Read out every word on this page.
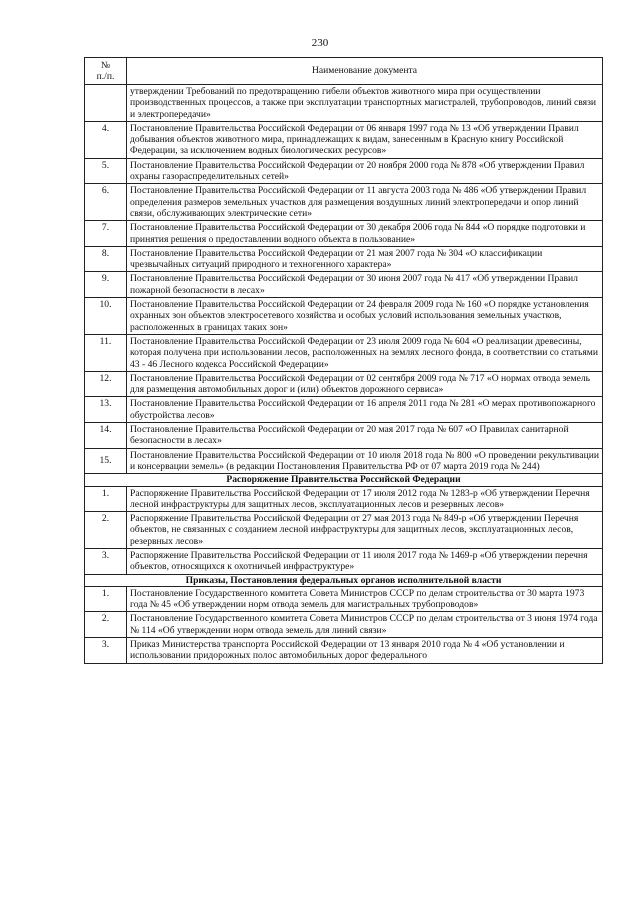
230
№
п./п.	Наименование документа
	утверждении Требований по предотвращению гибели объектов животного мира при осуществлении производственных процессов, а также при эксплуатации транспортных магистралей, трубопроводов, линий связи и электропередачи»
4.	Постановление Правительства Российской Федерации от 06 января 1997 года № 13 «Об утверждении Правил добывания объектов животного мира, принадлежащих к видам, занесенным в Красную книгу Российской Федерации, за исключением водных биологических ресурсов»
5.	Постановление Правительства Российской Федерации от 20 ноября 2000 года № 878 «Об утверждении Правил охраны газораспределительных сетей»
6.	Постановление Правительства Российской Федерации от 11 августа 2003 года № 486 «Об утверждении Правил определения размеров земельных участков для размещения воздушных линий электропередачи и опор линий связи, обслуживающих электрические сети»
7.	Постановление Правительства Российской Федерации от 30 декабря 2006 года № 844 «О порядке подготовки и принятия решения о предоставлении водного объекта в пользование»
8.	Постановление Правительства Российской Федерации от 21 мая 2007 года № 304 «О классификации чрезвычайных ситуаций природного и техногенного характера»
9.	Постановление Правительства Российской Федерации от 30 июня 2007 года № 417 «Об утверждении Правил пожарной безопасности в лесах»
10.	Постановление Правительства Российской Федерации от 24 февраля 2009 года № 160 «О порядке установления охранных зон объектов электросетевого хозяйства и особых условий использования земельных участков, расположенных в границах таких зон»
11.	Постановление Правительства Российской Федерации от 23 июля 2009 года № 604 «О реализации древесины, которая получена при использовании лесов, расположенных на землях лесного фонда, в соответствии со статьями 43 - 46 Лесного кодекса Российской Федерации»
12.	Постановление Правительства Российской Федерации от 02 сентября 2009 года № 717 «О нормах отвода земель для размещения автомобильных дорог и (или) объектов дорожного сервиса»
13.	Постановление Правительства Российской Федерации от 16 апреля 2011 года № 281 «О мерах противопожарного обустройства лесов»
14.	Постановление Правительства Российской Федерации от 20 мая 2017 года № 607 «О Правилах санитарной безопасности в лесах»
15.	Постановление Правительства Российской Федерации от 10 июля 2018 года № 800 «О проведении рекультивации и консервации земель» (в редакции Постановления Правительства РФ от 07 марта 2019 года № 244)
Распоряжение Правительства Российской Федерации	
1.	Распоряжение Правительства Российской Федерации от 17 июля 2012 года № 1283-р «Об утверждении Перечня лесной инфраструктуры для защитных лесов, эксплуатационных лесов и резервных лесов»
2.	Распоряжение Правительства Российской Федерации от 27 мая 2013 года № 849-р «Об утверждении Перечня объектов, не связанных с созданием лесной инфраструктуры для защитных лесов, эксплуатационных лесов, резервных лесов»
3.	Распоряжение Правительства Российской Федерации от 11 июля 2017 года № 1469-р «Об утверждении перечня объектов, относящихся к охотничьей инфраструктуре»
Приказы, Постановления федеральных органов исполнительной власти	
1.	Постановление Государственного комитета Совета Министров СССР по делам строительства от 30 марта 1973 года № 45 «Об утверждении норм отвода земель для магистральных трубопроводов»
2.	Постановление Государственного комитета Совета Министров СССР по делам строительства от 3 июня 1974 года № 114 «Об утверждении норм отвода земель для линий связи»
3.	Приказ Министерства транспорта Российской Федерации от 13 января 2010 года № 4 «Об установлении и использовании придорожных полос автомобильных дорог федерального
